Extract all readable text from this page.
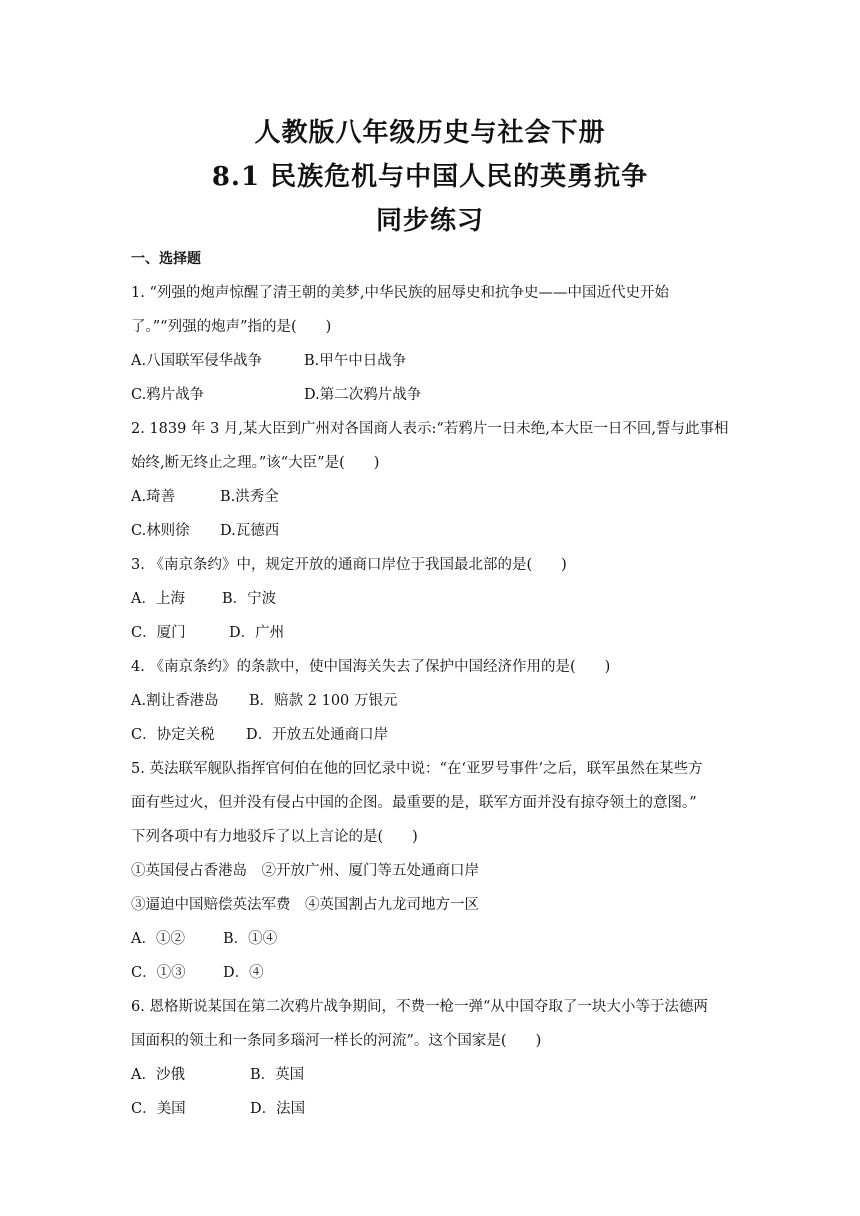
人教版八年级历史与社会下册
8.1 民族危机与中国人民的英勇抗争
同步练习
一、选择题
1. “列强的炮声惊醒了清王朝的美梦,中华民族的屈辱史和抗争史——中国近代史开始
了。”“列强的炮声”指的是(　　)
A.八国联军侵华战争	B.甲午中日战争
C.鸦片战争	D.第二次鸦片战争
2. 1839 年 3 月,某大臣到广州对各国商人表示:“若鸦片一日未绝,本大臣一日不回,誓与此事相
始终,断无终止之理。”该“大臣”是(　　)
A.琦善	B.洪秀全
C.林则徐 D.瓦德西
3. 《南京条约》中，规定开放的通商口岸位于我国最北部的是(　　)
A．上海	B．宁波
C．厦门	D．广州
4. 《南京条约》的条款中，使中国海关失去了保护中国经济作用的是(　　)
A.割让香港岛 B．赔款 2 100 万银元
C．协定关税 D．开放五处通商口岸
5. 英法联军舰队指挥官何伯在他的回忆录中说：“在‘亚罗号事件’之后，联军虽然在某些方
面有些过火，但并没有侵占中国的企图。最重要的是，联军方面并没有掠夺领土的意图。”
下列各项中有力地驳斥了以上言论的是(　　)
①英国侵占香港岛　②开放广州、厦门等五处通商口岸
③逼迫中国赔偿英法军费　④英国割占九龙司地方一区
A．①②	B．①④
C．①③	D．④
6. 恩格斯说某国在第二次鸦片战争期间，不费一枪一弹“从中国夺取了一块大小等于法德两
国面积的领土和一条同多瑙河一样长的河流”。这个国家是(　　)
A．沙俄	B．英国
C．美国	D．法国
